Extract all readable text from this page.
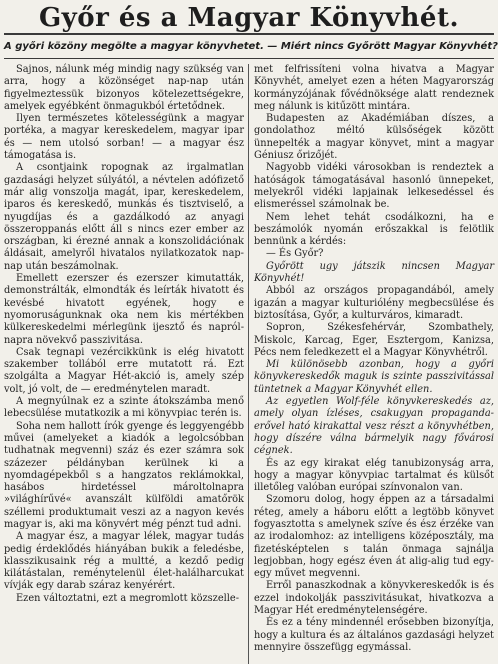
Győr és a Magyar Könyvhét.
A győri közöny megölte a magyar könyvhetet. — Miért nincs Győrött Magyar Könyvhét?

Sajnos, nálunk még mindig nagy szükség van arra, hogy a közönséget nap-nap után figyelmeztessük bizonyos kötelezettségekre, amelyek egyébként önmagukból értetődnek.

Ilyen természetes kötelességünk a magyar portéka, a magyar kereskedelem, magyar ipar és — nem utolsó sorban! — a magyar ész támogatása is.

A csontjaink ropognak az irgalmatlan gazdasági helyzet súlyától, a névtelen adófizető már alig vonszolja magát, ipar, kereskedelem, iparos és kereskedő, munkás és tisztviselő, a nyugdíjas és a gazdálkodó az anyagi összeroppanás előtt áll s nincs ezer ember az országban, ki érezné annak a konszolidációnak áldásait, amelyről hivatalos nyilatkozatok nap-nap után beszámolnak.

Emellett ezerszer és ezerszer kimutatták, demonstrálták, elmondták és leírták hivatott és kevésbé hivatott egyének, hogy e nyomoruságunknak oka nem kis mértékben külkereskedelmi mérlegünk ijesztő és napról-napra növekvő passzivitása.

Csak tegnapi vezércikkünk is elég hivatott szakember tollából erre mutatott rá. Ezt szolgálta a Magyar Hét-akció is, amely szép volt, jó volt, de — eredménytelen maradt.

A megnyúlnak ez a szinte átokszámba menő lebecsülése mutatkozik a mi könyvpiac terén is.

Soha nem hallott írók gyenge és leggyengébb művei (amelyeket a kiadók a legolcsóbban tudhatnak megvenni) száz és ezer számra sok százezer példányban kerülnek ki a nyomdagépekből s a hangzatos reklámokkal, hasábos hirdetéssel mároltolnapra »világhírűvé« avanszált külföldi amatőrök széllemi produktumait veszi az a nagyon kevés magyar is, aki ma könyvért még pénzt tud adni.

A magyar ész, a magyar lélek, magyar tudás pedig érdeklődés hiányában bukik a feledésbe, klasszikusaink rég a multté, a kezdő pedig kilátástalan, reménytelenül élet-halálharcukat vívják egy darab száraz kenyérért.

Ezen változtatni, ezt a megromlott közszelle-

met felfrissíteni volna hivatva a Magyar Könyvhét, amelyet ezen a héten Magyarország kormányzójának fővédnöksége alatt rendeznek meg nálunk is kitűzött mintára.

Budapesten az Akadémiában díszes, a gondolathoz méltó külsőségek között ünnepelték a magyar könyvet, mint a magyar Géniusz őrizőjét.

Nagyobb vidéki városokban is rendeztek a hatóságok támogatásával hasonló ünnepeket, melyekről vidéki lapjainak lelkesedéssel és elismeréssel számolnak be.

Nem lehet tehát csodálkozni, ha e beszámolók nyomán erőszakkal is felötlik bennünk a kérdés:

— És Győr?

Győrött ugy játszik nincsen Magyar Könyvhét!

Abból az országos propagandából, amely igazán a magyar kulturiólény megbecsülése és biztosítása, Győr, a kulturváros, kimaradt.

Sopron, Székesfehérvár, Szombathely, Miskolc, Karcag, Eger, Esztergom, Kanizsa, Pécs nem feledkezett el a Magyar Könyvhétről.

Mi különösebb azonban, hogy a győri könyvkereskedők maguk is szinte passzivitással tüntetnek a Magyar Könyvhét ellen.

Az egyetlen Wolf-féle könyvkereskedés az, amely olyan ízléses, csakugyan propaganda-erővel ható kirakattal vesz részt a könyvhétben, hogy díszére válna bármelyik nagy fővárosi cégnek.

És az egy kirakat elég tanubizonyság arra, hogy a magyar könyvpiac tartalmat és külsőt illetőleg valóban európai színvonalon van.

Szomoru dolog, hogy éppen az a társadalmi réteg, amely a háboru előtt a legtöbb könyvet fogyasztotta s amelynek szíve és ész érzéke van az irodalomhoz: az intelligens középosztály, ma fizetésképtelen s talán önmaga sajnálja legjobban, hogy egész éven át alig-alig tud egy-egy művet megvenni.

Erről panaszkodnak a könyvkereskedők is és ezzel indokolják passzivitásukat, hivatkozva a Magyar Hét eredménytelenségére.

És ez a tény mindennél erősebben bizonyítja, hogy a kultura és az általános gazdasági helyzet mennyire összefügg egymással.
